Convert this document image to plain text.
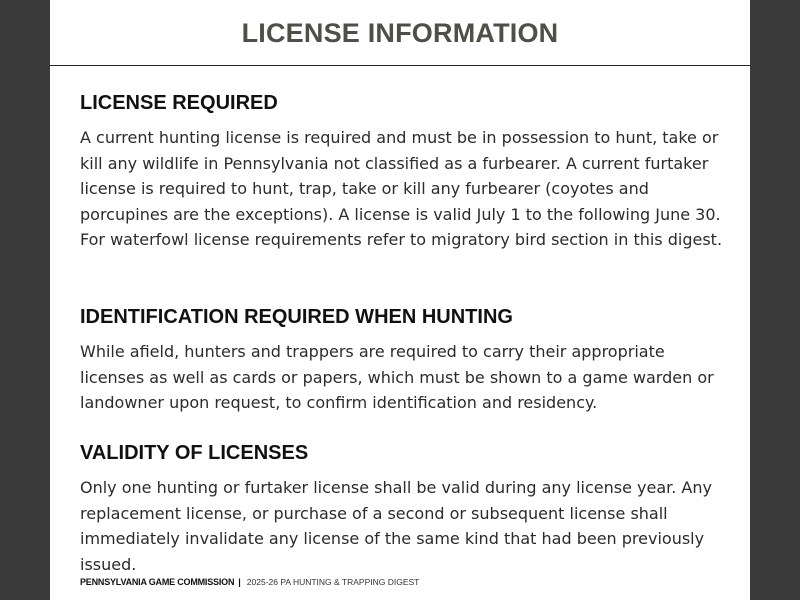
LICENSE INFORMATION
LICENSE REQUIRED

A current hunting license is required and must be in possession to hunt, take or kill any wildlife in Pennsylvania not classified as a furbearer. A current furtaker license is required to hunt, trap, take or kill any furbearer (coyotes and porcupines are the exceptions). A license is valid July 1 to the following June 30. For waterfowl license requirements refer to migratory bird section in this digest.

IDENTIFICATION REQUIRED WHEN HUNTING

While afield, hunters and trappers are required to carry their appropriate licenses as well as cards or papers, which must be shown to a game warden or landowner upon request, to confirm identification and residency.

VALIDITY OF LICENSES

Only one hunting or furtaker license shall be valid during any license year. Any replacement license, or purchase of a second or subsequent license shall immediately invalidate any license of the same kind that had been previously issued.

PENNSYLVANIA GAME COMMISSION | 2025-26 PA HUNTING & TRAPPING DIGEST
